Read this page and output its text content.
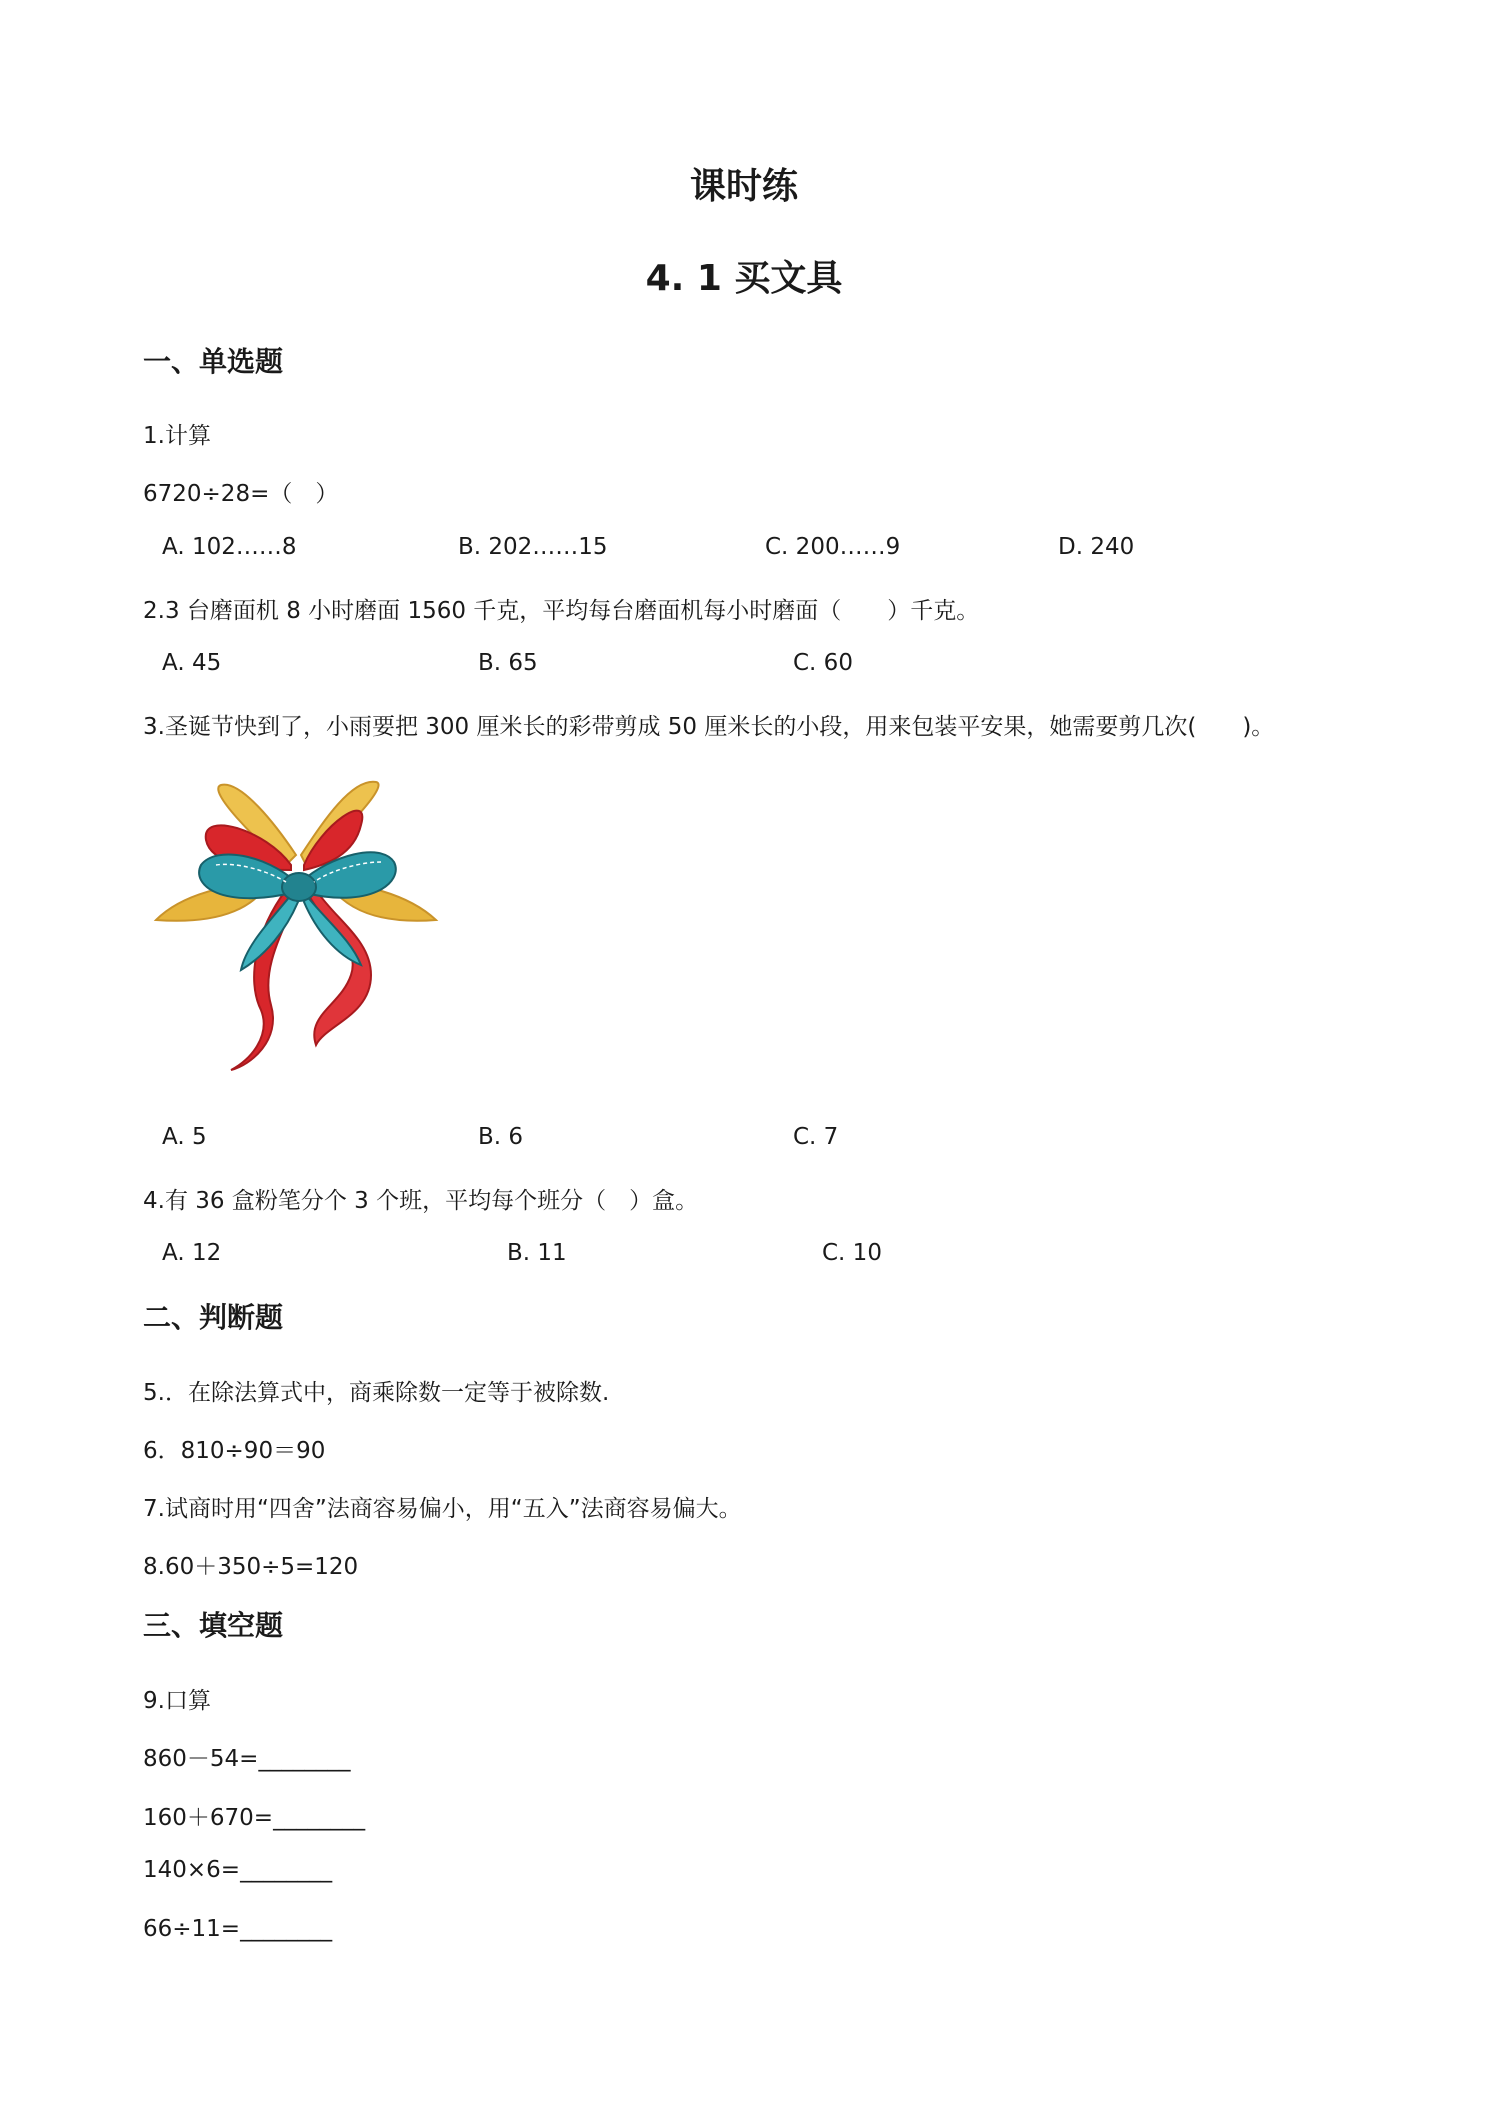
课时练
4. 1 买文具
一、单选题
1.计算
6720÷28=（　）
A. 102……8	B. 202……15	C. 200……9	D. 240
2.3 台磨面机 8 小时磨面 1560 千克，平均每台磨面机每小时磨面（　　）千克。
A. 45	B. 65	C. 60
3.圣诞节快到了，小雨要把 300 厘米长的彩带剪成 50 厘米长的小段，用来包装平安果，她需要剪几次(　　)。
A. 5	B. 6	C. 7
4.有 36 盒粉笔分个 3 个班，平均每个班分（　）盒。
A. 12	B. 11	C. 10
二、判断题
5.．在除法算式中，商乘除数一定等于被除数.
6．810÷90＝90
7.试商时用“四舍”法商容易偏小，用“五入”法商容易偏大。
8.60＋350÷5=120
三、填空题
9.口算
860－54=________
160＋670=________
140×6=________
66÷11=________
